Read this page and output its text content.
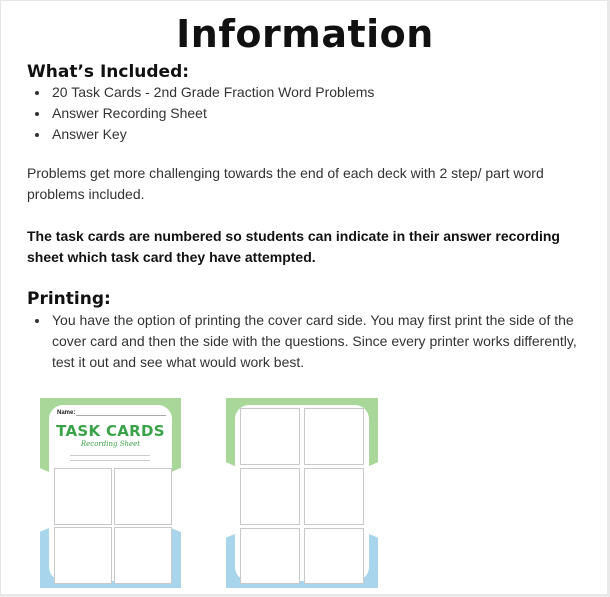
Information
What’s Included:
• 20 Task Cards - 2nd Grade Fraction Word Problems
• Answer Recording Sheet
• Answer Key

Problems get more challenging towards the end of each deck with 2 step/ part word problems included.

The task cards are numbered so students can indicate in their answer recording sheet which task card they have attempted.

Printing:
• You have the option of printing the cover card side. You may first print the side of the cover card and then the side with the questions. Since every printer works differently, test it out and see what would work best.
Name:
TASK CARDS
Recording Sheet
